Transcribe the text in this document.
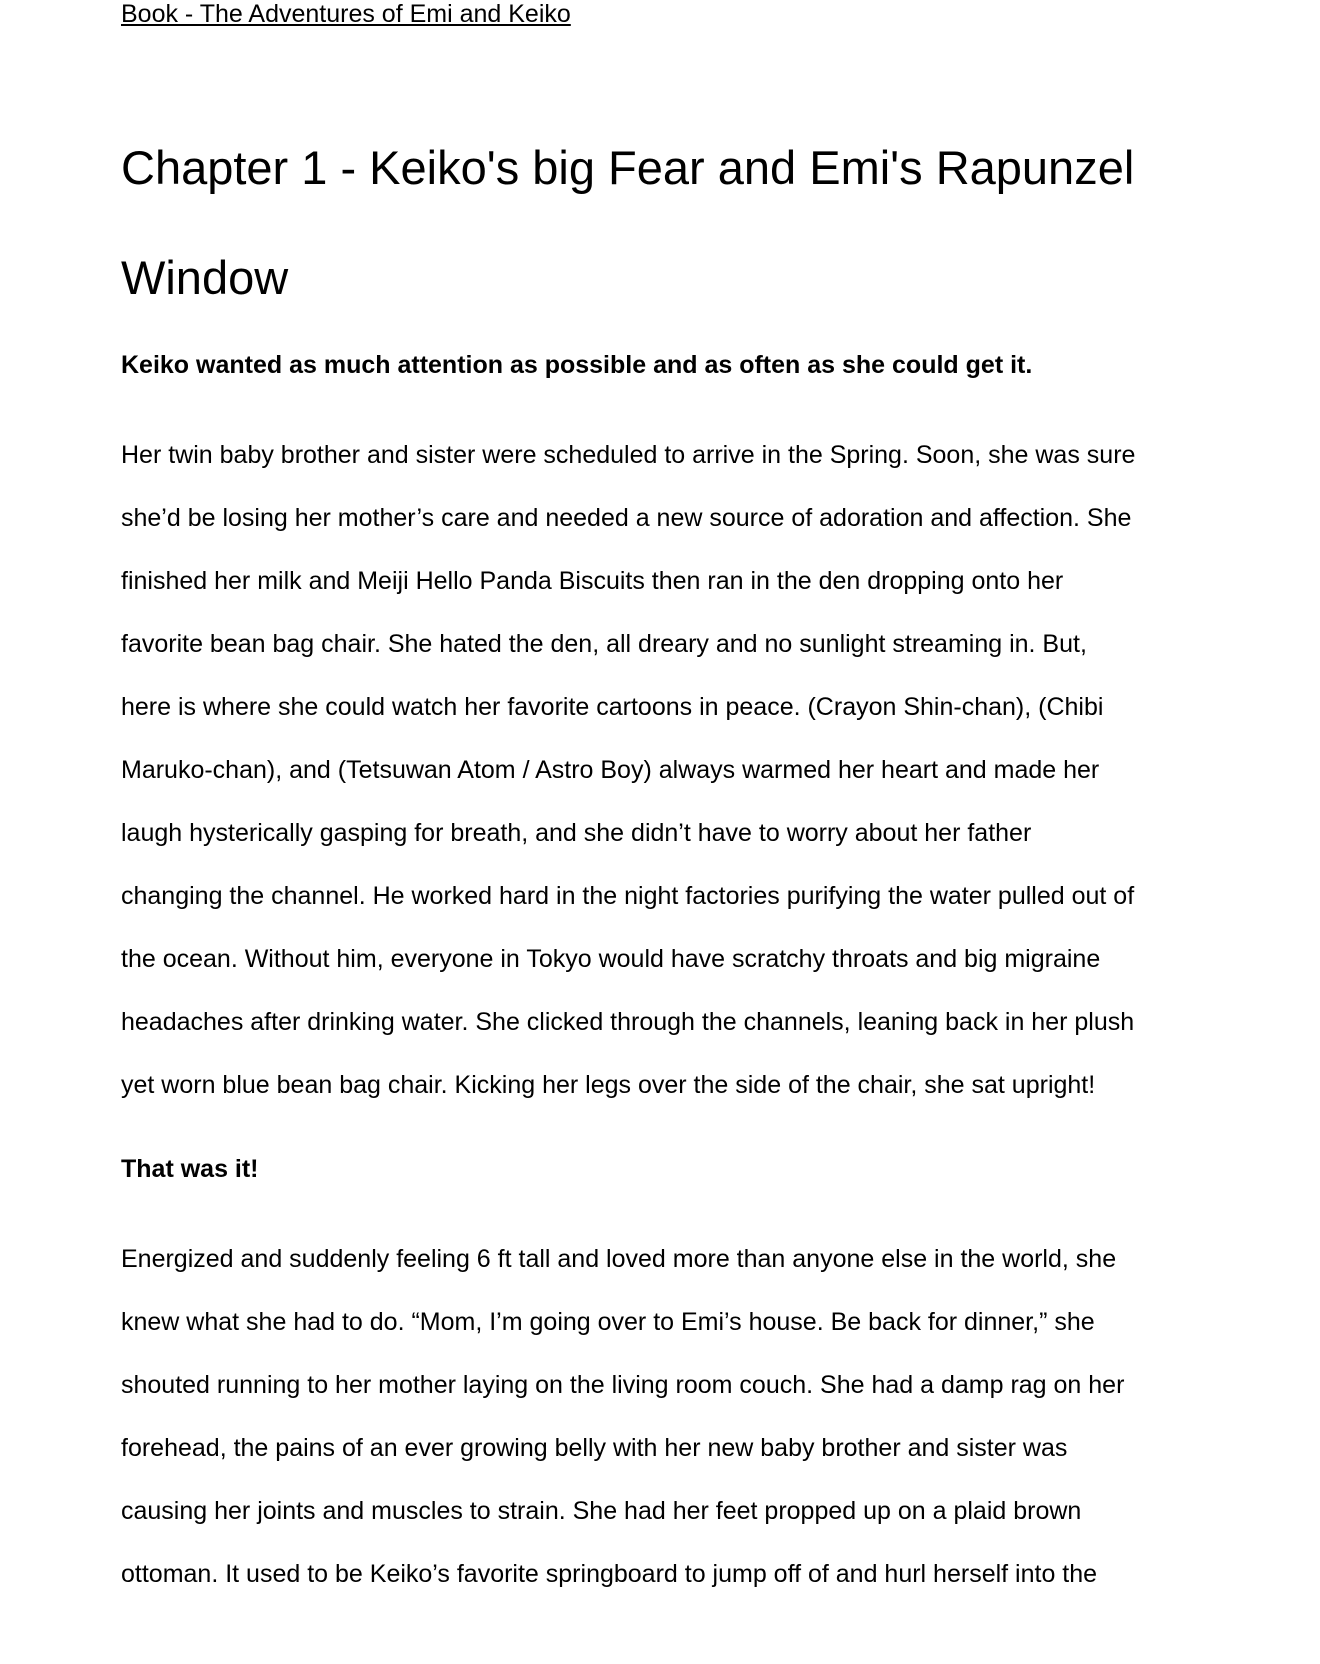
Book - The Adventures of Emi and Keiko
Chapter 1 - Keiko's big Fear and Emi's Rapunzel Window

Keiko wanted as much attention as possible and as often as she could get it.

Her twin baby brother and sister were scheduled to arrive in the Spring. Soon, she was sure
she’d be losing her mother’s care and needed a new source of adoration and affection. She
finished her milk and Meiji Hello Panda Biscuits then ran in the den dropping onto her
favorite bean bag chair. She hated the den, all dreary and no sunlight streaming in. But,
here is where she could watch her favorite cartoons in peace. (Crayon Shin-chan), (Chibi
Maruko-chan), and (Tetsuwan Atom / Astro Boy) always warmed her heart and made her
laugh hysterically gasping for breath, and she didn’t have to worry about her father
changing the channel. He worked hard in the night factories purifying the water pulled out of
the ocean. Without him, everyone in Tokyo would have scratchy throats and big migraine
headaches after drinking water. She clicked through the channels, leaning back in her plush
yet worn blue bean bag chair. Kicking her legs over the side of the chair, she sat upright!

That was it!

Energized and suddenly feeling 6 ft tall and loved more than anyone else in the world, she
knew what she had to do. “Mom, I’m going over to Emi’s house. Be back for dinner,” she
shouted running to her mother laying on the living room couch. She had a damp rag on her
forehead, the pains of an ever growing belly with her new baby brother and sister was
causing her joints and muscles to strain. She had her feet propped up on a plaid brown
ottoman. It used to be Keiko’s favorite springboard to jump off of and hurl herself into the
